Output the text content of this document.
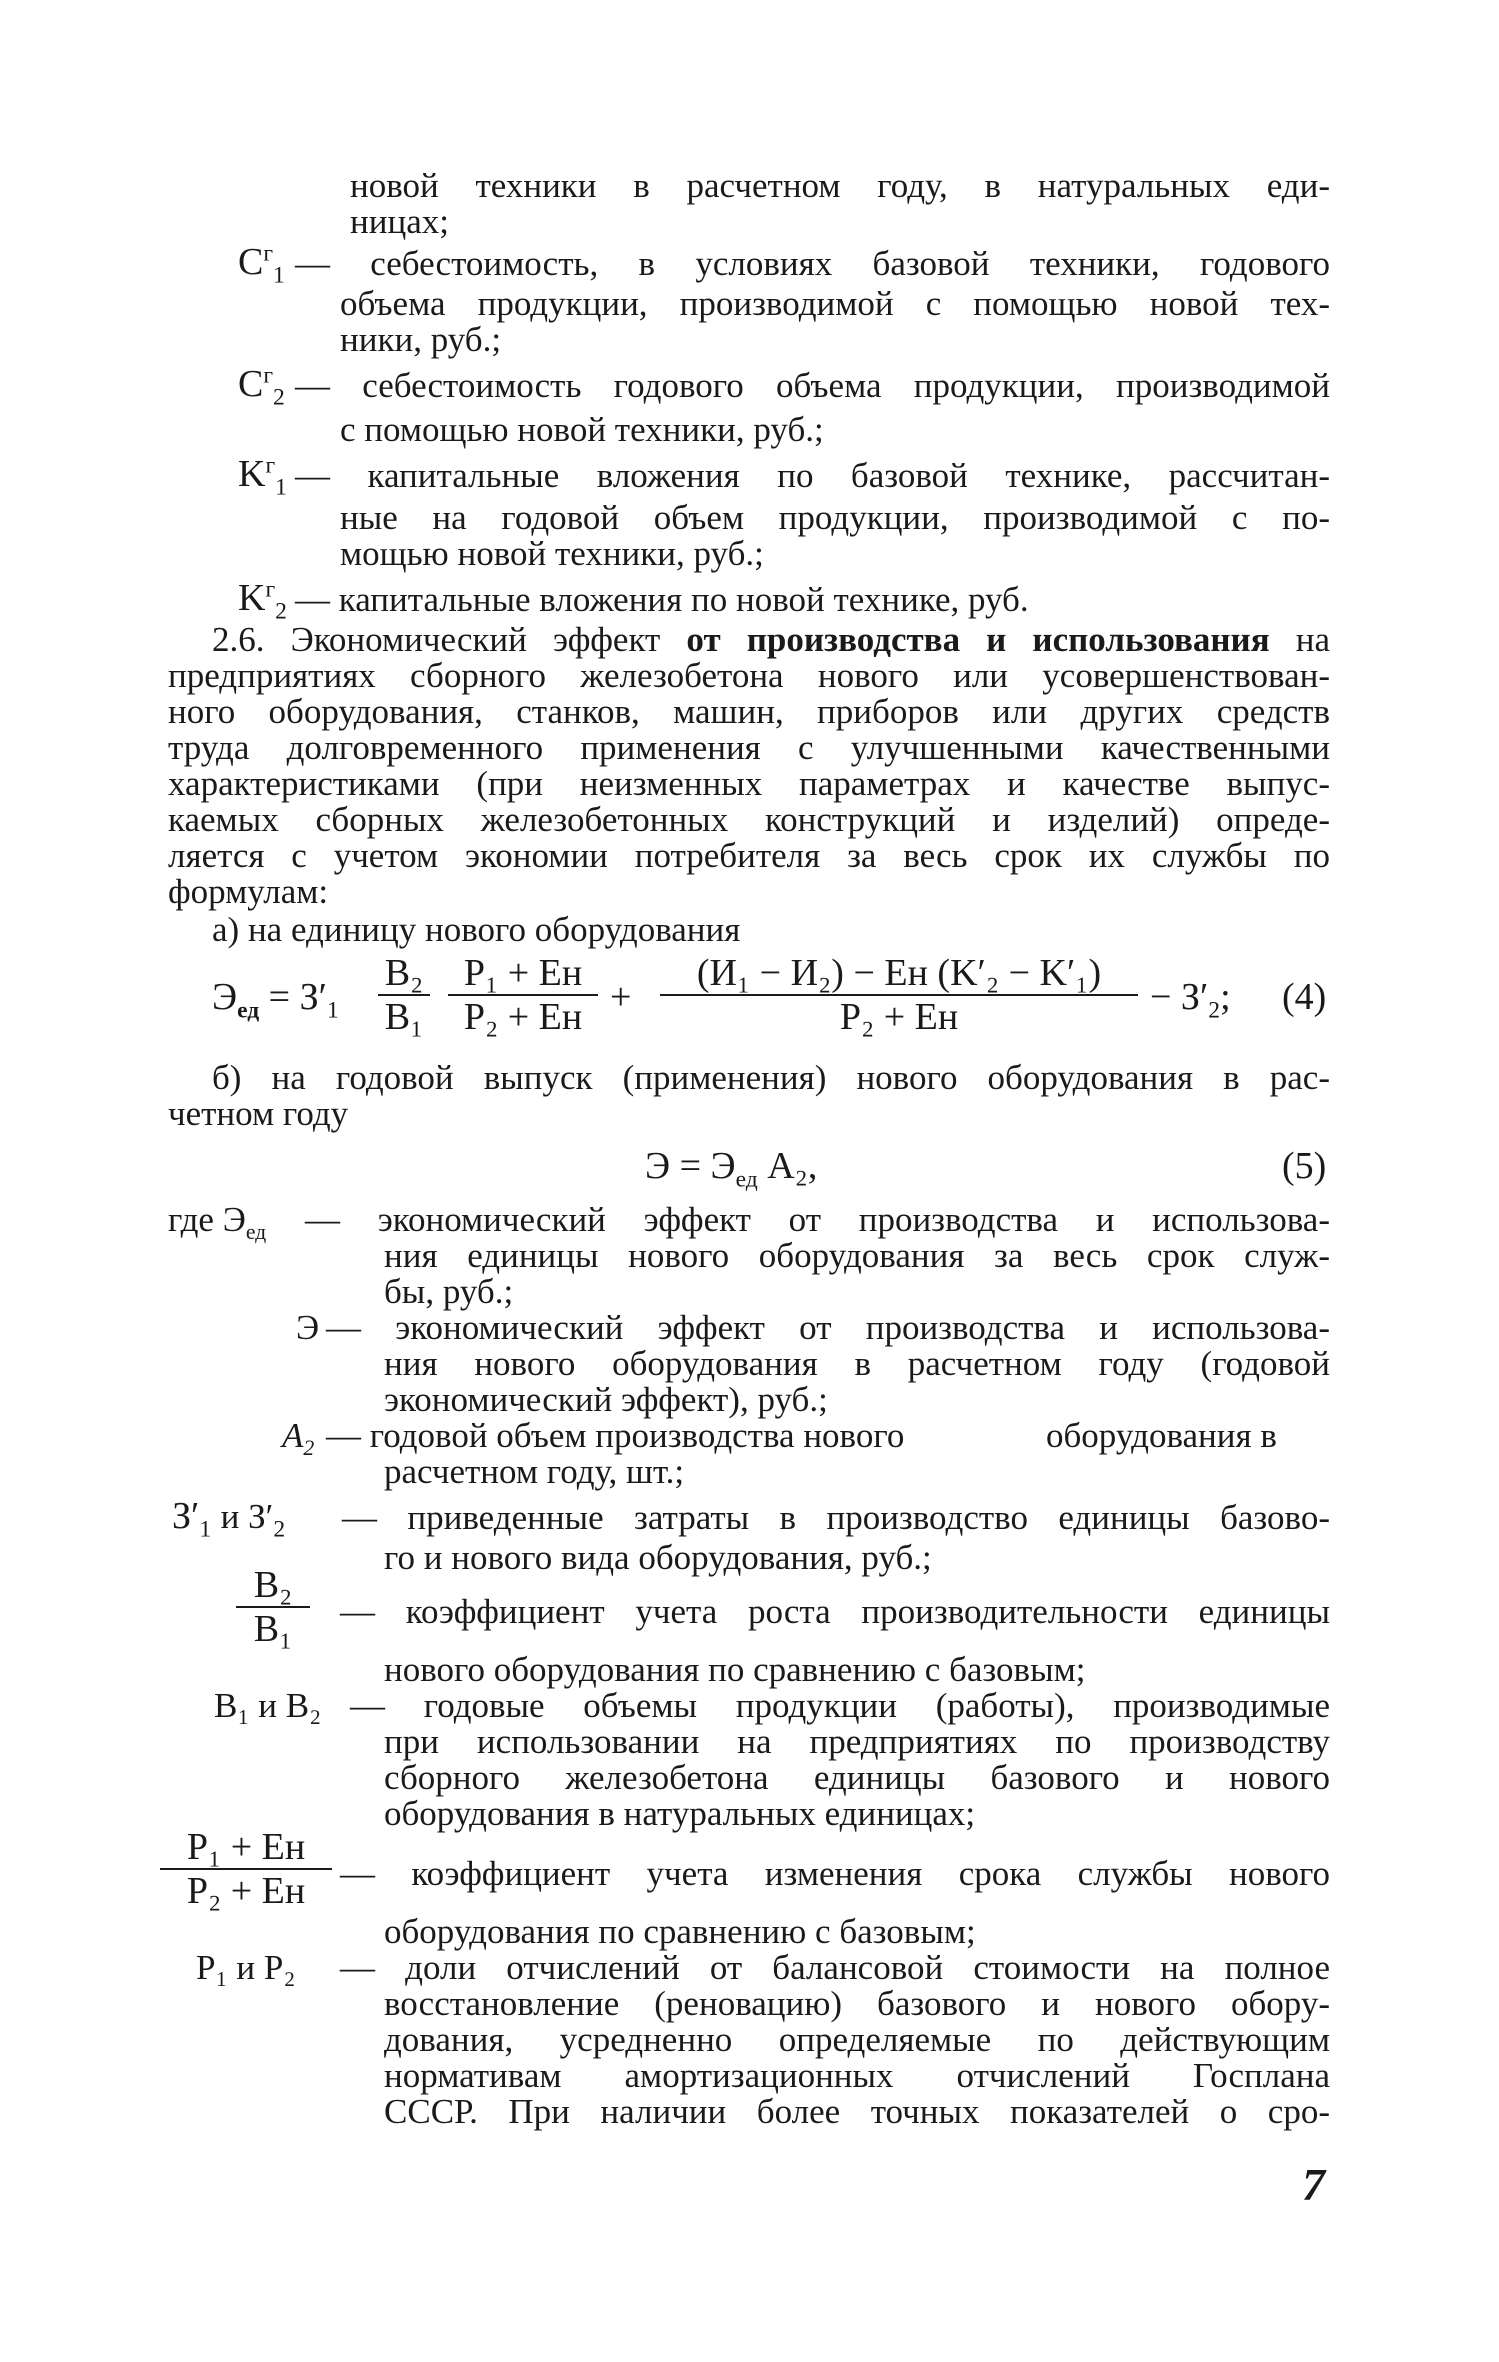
новой техники в расчетном году, в натуральных еди-
ницах;
$C^г_1$ — себестоимость, в условиях базовой техники, годового
объема продукции, производимой с помощью новой тех-
ники, руб.;
$C^г_2$ — себестоимость годового объема продукции, производимой
с помощью новой техники, руб.;
$K^г_1$ — капитальные вложения по базовой технике, рассчитан-
ные на годовой объем продукции, производимой с по-
мощью новой техники, руб.;
$K^г_2$ — капитальные вложения по новой технике, руб.
2.6. Экономический эффект от производства и использования на
предприятиях сборного железобетона нового или усовершенствован-
ного оборудования, станков, машин, приборов или других средств
труда долговременного применения с улучшенными качественными
характеристиками (при неизменных параметрах и качестве выпус-
каемых сборных железобетонных конструкций и изделий) опреде-
ляется с учетом экономии потребителя за весь срок их службы по
формулам:
а) на единицу нового оборудования
$Э_{ед} = З'_1$
B₂
B₁
P₁ + Eн
P₂ + Eн +
(И₁ − И₂) − Eн (K′₂ − K′₁)
P₂ + Eн	− $З'_2$; (4)
б) на годовой выпуск (применения) нового оборудования в рас-
четном году
$Э = Э_{ед}$ A₂,	(5)
где $Э_{ед}$ — экономический эффект от производства и использова-
ния единицы нового оборудования за весь срок служ-
бы, руб.;
Э — экономический эффект от производства и использова-
ния нового оборудования в расчетном году (годовой
экономический эффект), руб.;
$A_2$ — годовой объем производства нового	оборудования в
расчетном году, шт.;
$З'_1$ и $З'_2$ — приведенные затраты в производство единицы базово-
го и нового вида оборудования, руб.;
B₂
B₁	— коэффициент учета роста производительности единицы
нового оборудования по сравнению с базовым;
B₁ и B₂ — годовые объемы продукции (работы), производимые
при использовании на предприятиях по производству
сборного железобетона единицы базового и нового
оборудования в натуральных единицах;
P₁ + Eн
P₂ + Eн — коэффициент учета изменения срока службы нового
оборудования по сравнению с базовым;
P₁ и P₂ — доли отчислений от балансовой стоимости на полное
восстановление (реновацию) базового и нового обору-
дования, усредненно определяемые по действующим
нормативам амортизационных отчислений Госплана
СССР. При наличии более точных показателей о сро-
7
